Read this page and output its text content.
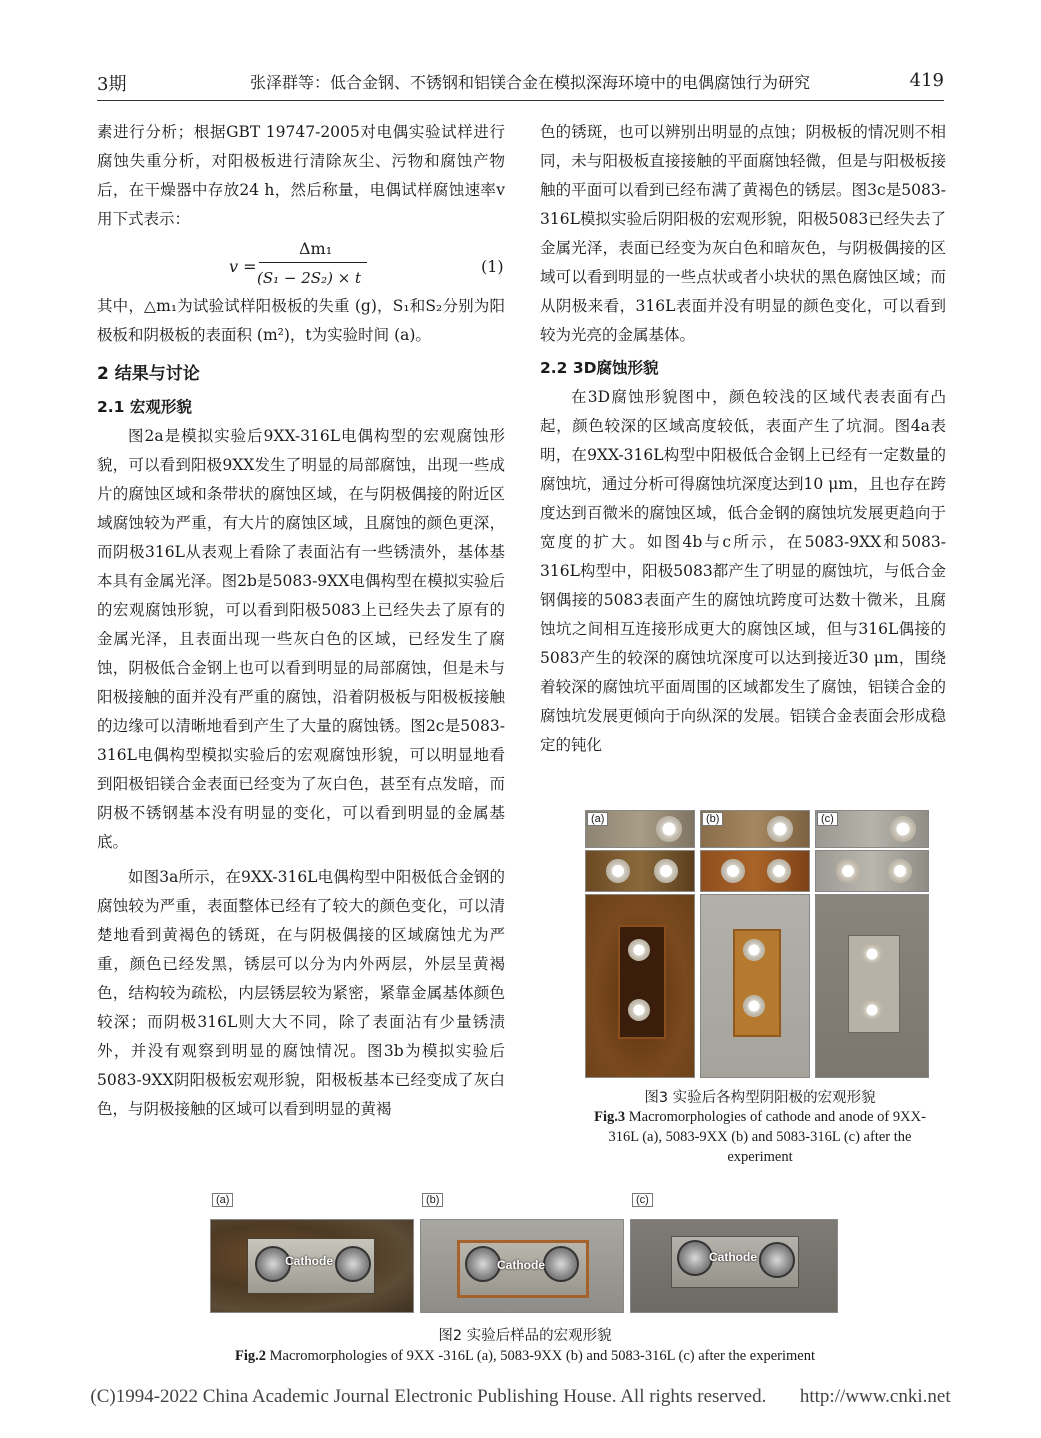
3期	张泽群等：低合金钢、不锈钢和铝镁合金在模拟深海环境中的电偶腐蚀行为研究	419

素进行分析；根据GBT 19747-2005对电偶实验试样进行腐蚀失重分析，对阳极板进行清除灰尘、污物和腐蚀产物后，在干燥器中存放24 h，然后称量，电偶试样腐蚀速率v用下式表示：

v =
Δm₁
(S₁ − 2S₂) × t
(1)

其中，△m₁为试验试样阳极板的失重 (g)，S₁和S₂分别为阳极板和阴极板的表面积 (m²)，t为实验时间 (a)。

2 结果与讨论
2.1 宏观形貌

图2a是模拟实验后9XX-316L电偶构型的宏观腐蚀形貌，可以看到阳极9XX发生了明显的局部腐蚀，出现一些成片的腐蚀区域和条带状的腐蚀区域，在与阴极偶接的附近区域腐蚀较为严重，有大片的腐蚀区域，且腐蚀的颜色更深，而阴极316L从表观上看除了表面沾有一些锈渍外，基体基本具有金属光泽。图2b是5083-9XX电偶构型在模拟实验后的宏观腐蚀形貌，可以看到阳极5083上已经失去了原有的金属光泽，且表面出现一些灰白色的区域，已经发生了腐蚀，阴极低合金钢上也可以看到明显的局部腐蚀，但是未与阳极接触的面并没有严重的腐蚀，沿着阴极板与阳极板接触的边缘可以清晰地看到产生了大量的腐蚀锈。图2c是5083-316L电偶构型模拟实验后的宏观腐蚀形貌，可以明显地看到阳极铝镁合金表面已经变为了灰白色，甚至有点发暗，而阴极不锈钢基本没有明显的变化，可以看到明显的金属基底。

如图3a所示，在9XX-316L电偶构型中阳极低合金钢的腐蚀较为严重，表面整体已经有了较大的颜色变化，可以清楚地看到黄褐色的锈斑，在与阴极偶接的区域腐蚀尤为严重，颜色已经发黑，锈层可以分为内外两层，外层呈黄褐色，结构较为疏松，内层锈层较为紧密，紧靠金属基体颜色较深；而阴极316L则大大不同，除了表面沾有少量锈渍外，并没有观察到明显的腐蚀情况。图3b为模拟实验后5083-9XX阴阳极板宏观形貌，阳极板基本已经变成了灰白色，与阴极接触的区域可以看到明显的黄褐

色的锈斑，也可以辨别出明显的点蚀；阴极板的情况则不相同，未与阳极板直接接触的平面腐蚀轻微，但是与阳极板接触的平面可以看到已经布满了黄褐色的锈层。图3c是5083-316L模拟实验后阴阳极的宏观形貌，阳极5083已经失去了金属光泽，表面已经变为灰白色和暗灰色，与阴极偶接的区域可以看到明显的一些点状或者小块状的黑色腐蚀区域；而从阴极来看，316L表面并没有明显的颜色变化，可以看到较为光亮的金属基体。

2.2 3D腐蚀形貌

在3D腐蚀形貌图中，颜色较浅的区域代表表面有凸起，颜色较深的区域高度较低，表面产生了坑洞。图4a表明，在9XX-316L构型中阳极低合金钢上已经有一定数量的腐蚀坑，通过分析可得腐蚀坑深度达到10 μm，且也存在跨度达到百微米的腐蚀区域，低合金钢的腐蚀坑发展更趋向于宽度的扩大。如图4b与c所示，在5083-9XX和5083-316L构型中，阳极5083都产生了明显的腐蚀坑，与低合金钢偶接的5083表面产生的腐蚀坑跨度可达数十微米，且腐蚀坑之间相互连接形成更大的腐蚀区域，但与316L偶接的5083产生的较深的腐蚀坑深度可以达到接近30 μm，围绕着较深的腐蚀坑平面周围的区域都发生了腐蚀，铝镁合金的腐蚀坑发展更倾向于向纵深的发展。铝镁合金表面会形成稳定的钝化

(a)	(b)	(c)
图3 实验后各构型阴阳极的宏观形貌
Fig.3 Macromorphologies of cathode and anode of 9XX-316L (a), 5083-9XX (b) and 5083-316L (c) after the experiment
Cathode
(a)
Cathode
(b)
Cathode
(c)
图2 实验后样品的宏观形貌
Fig.2 Macromorphologies of 9XX -316L (a), 5083-9XX (b) and 5083-316L (c) after the experiment
(C)1994-2022 China Academic Journal Electronic Publishing House. All rights reserved. http://www.cnki.net
